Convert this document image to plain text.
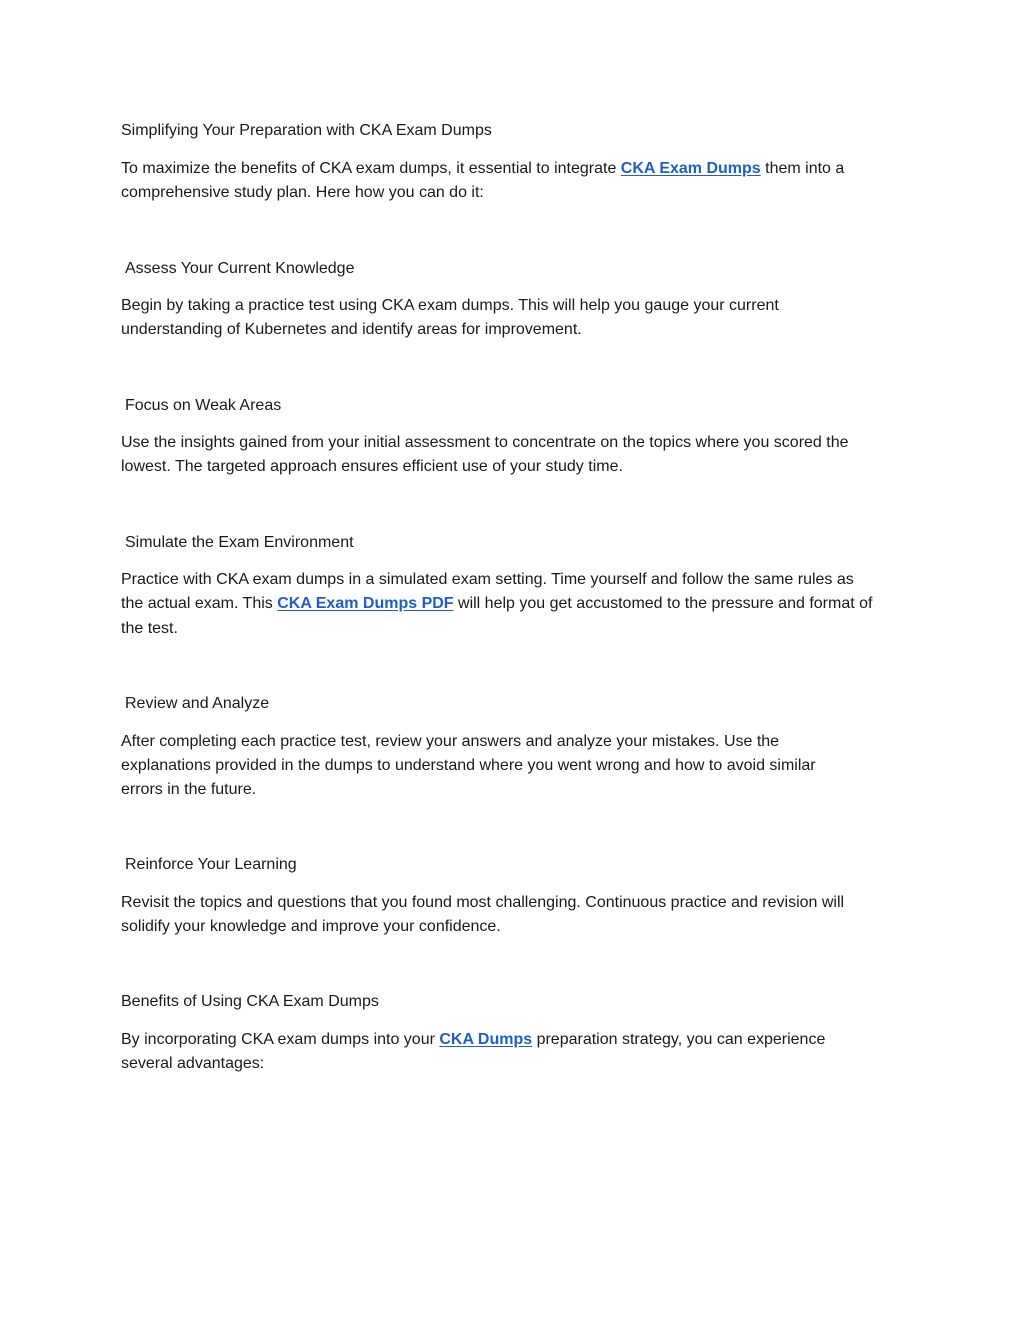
Simplifying Your Preparation with CKA Exam Dumps
To maximize the benefits of CKA exam dumps, it essential to integrate CKA Exam Dumps them into a
comprehensive study plan. Here how you can do it:
Assess Your Current Knowledge
Begin by taking a practice test using CKA exam dumps. This will help you gauge your current
understanding of Kubernetes and identify areas for improvement.
Focus on Weak Areas
Use the insights gained from your initial assessment to concentrate on the topics where you scored the
lowest. The targeted approach ensures efficient use of your study time.
Simulate the Exam Environment
Practice with CKA exam dumps in a simulated exam setting. Time yourself and follow the same rules as
the actual exam. This CKA Exam Dumps PDF will help you get accustomed to the pressure and format of
the test.
Review and Analyze
After completing each practice test, review your answers and analyze your mistakes. Use the
explanations provided in the dumps to understand where you went wrong and how to avoid similar
errors in the future.
Reinforce Your Learning
Revisit the topics and questions that you found most challenging. Continuous practice and revision will
solidify your knowledge and improve your confidence.
Benefits of Using CKA Exam Dumps
By incorporating CKA exam dumps into your CKA Dumps preparation strategy, you can experience
several advantages:
